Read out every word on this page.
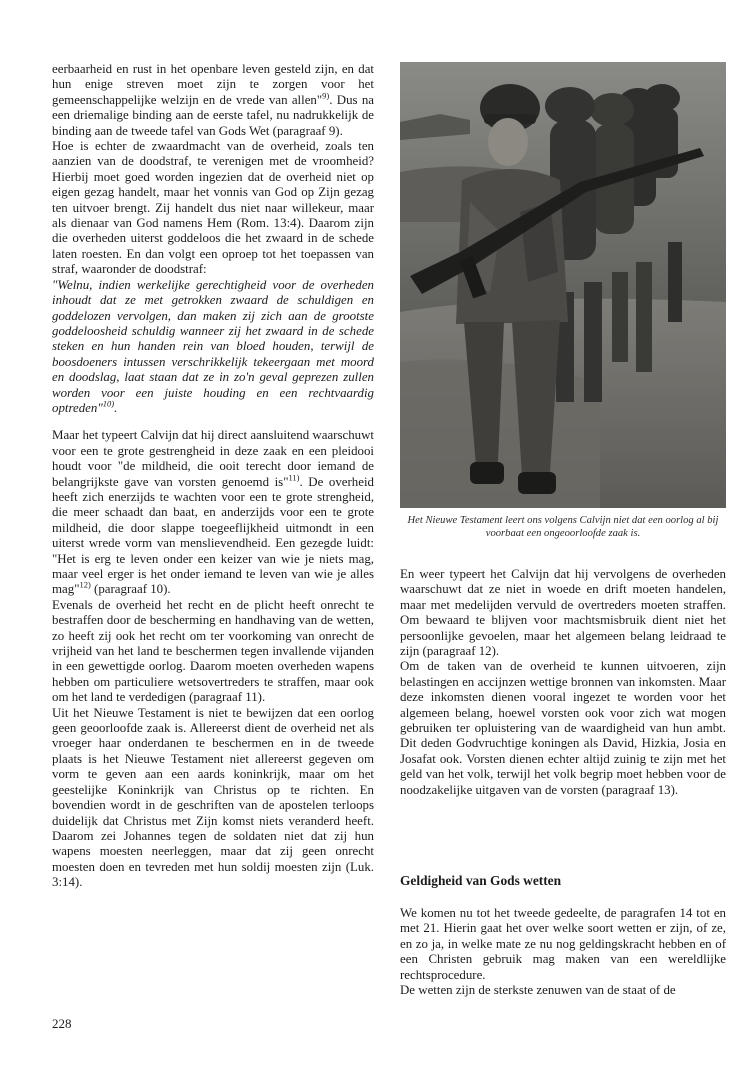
eerbaarheid en rust in het openbare leven gesteld zijn, en dat hun enige streven moet zijn te zorgen voor het gemeenschappelijke welzijn en de vrede van allen"$^{9)}$. Dus na een driemalige binding aan de eerste tafel, nu nadrukkelijk de binding aan de tweede tafel van Gods Wet (paragraaf 9).

Hoe is echter de zwaardmacht van de overheid, zoals ten aanzien van de doodstraf, te verenigen met de vroomheid? Hierbij moet goed worden ingezien dat de overheid niet op eigen gezag handelt, maar het vonnis van God op Zijn gezag ten uitvoer brengt. Zij handelt dus niet naar willekeur, maar als dienaar van God namens Hem (Rom. 13:4). Daarom zijn die overheden uiterst goddeloos die het zwaard in de schede laten roesten. En dan volgt een oproep tot het toepassen van straf, waaronder de doodstraf:

"Welnu, indien werkelijke gerechtigheid voor de overheden inhoudt dat ze met getrokken zwaard de schuldigen en goddelozen vervolgen, dan maken zij zich aan de grootste goddeloosheid schuldig wanneer zij het zwaard in de schede steken en hun handen rein van bloed houden, terwijl de boosdoeners intussen verschrikkelijk tekeergaan met moord en doodslag, laat staan dat ze in zo'n geval geprezen zullen worden voor een juiste houding en een rechtvaardig optreden"$^{10)}$.

Maar het typeert Calvijn dat hij direct aansluitend waarschuwt voor een te grote gestrengheid in deze zaak en een pleidooi houdt voor "de mildheid, die ooit terecht door iemand de belangrijkste gave van vorsten genoemd is"$^{11)}$. De overheid heeft zich enerzijds te wachten voor een te grote strengheid, die meer schaadt dan baat, en anderzijds voor een te grote mildheid, die door slappe toegeeflijkheid uitmondt in een uiterst wrede vorm van menslievendheid. Een gezegde luidt: "Het is erg te leven onder een keizer van wie je niets mag, maar veel erger is het onder iemand te leven van wie je alles mag"$^{12)}$ (paragraaf 10).

Evenals de overheid het recht en de plicht heeft onrecht te bestraffen door de bescherming en handhaving van de wetten, zo heeft zij ook het recht om ter voorkoming van onrecht de vrijheid van het land te beschermen tegen invallende vijanden in een gewettigde oorlog. Daarom moeten overheden wapens hebben om particuliere wetsovertreders te straffen, maar ook om het land te verdedigen (paragraaf 11).

Uit het Nieuwe Testament is niet te bewijzen dat een oorlog geen geoorloofde zaak is. Allereerst dient de overheid net als vroeger haar onderdanen te beschermen en in de tweede plaats is het Nieuwe Testament niet allereerst gegeven om vorm te geven aan een aards koninkrijk, maar om het geestelijke Koninkrijk van Christus op te richten. En bovendien wordt in de geschriften van de apostelen terloops duidelijk dat Christus met Zijn komst niets veranderd heeft. Daarom zei Johannes tegen de soldaten niet dat zij hun wapens moesten neerleggen, maar dat zij geen onrecht moesten doen en tevreden met hun soldij moesten zijn (Luk. 3:14).

Het Nieuwe Testament leert ons volgens Calvijn niet dat een oorlog al bij voorbaat een ongeoorloofde zaak is.

En weer typeert het Calvijn dat hij vervolgens de overheden waarschuwt dat ze niet in woede en drift moeten handelen, maar met medelijden vervuld de overtreders moeten straffen. Om bewaard te blijven voor machtsmisbruik dient niet het persoonlijke gevoelen, maar het algemeen belang leidraad te zijn (paragraaf 12).

Om de taken van de overheid te kunnen uitvoeren, zijn belastingen en accijnzen wettige bronnen van inkomsten. Maar deze inkomsten dienen vooral ingezet te worden voor het algemeen belang, hoewel vorsten ook voor zich wat mogen gebruiken ter opluistering van de waardigheid van hun ambt. Dit deden Godvruchtige koningen als David, Hizkia, Josia en Josafat ook. Vorsten dienen echter altijd zuinig te zijn met het geld van het volk, terwijl het volk begrip moet hebben voor de noodzakelijke uitgaven van de vorsten (paragraaf 13).

Geldigheid van Gods wetten

We komen nu tot het tweede gedeelte, de paragrafen 14 tot en met 21. Hierin gaat het over welke soort wetten er zijn, of ze, en zo ja, in welke mate ze nu nog geldingskracht hebben en of een Christen gebruik mag maken van een wereldlijke rechtsprocedure.

De wetten zijn de sterkste zenuwen van de staat of de

228
